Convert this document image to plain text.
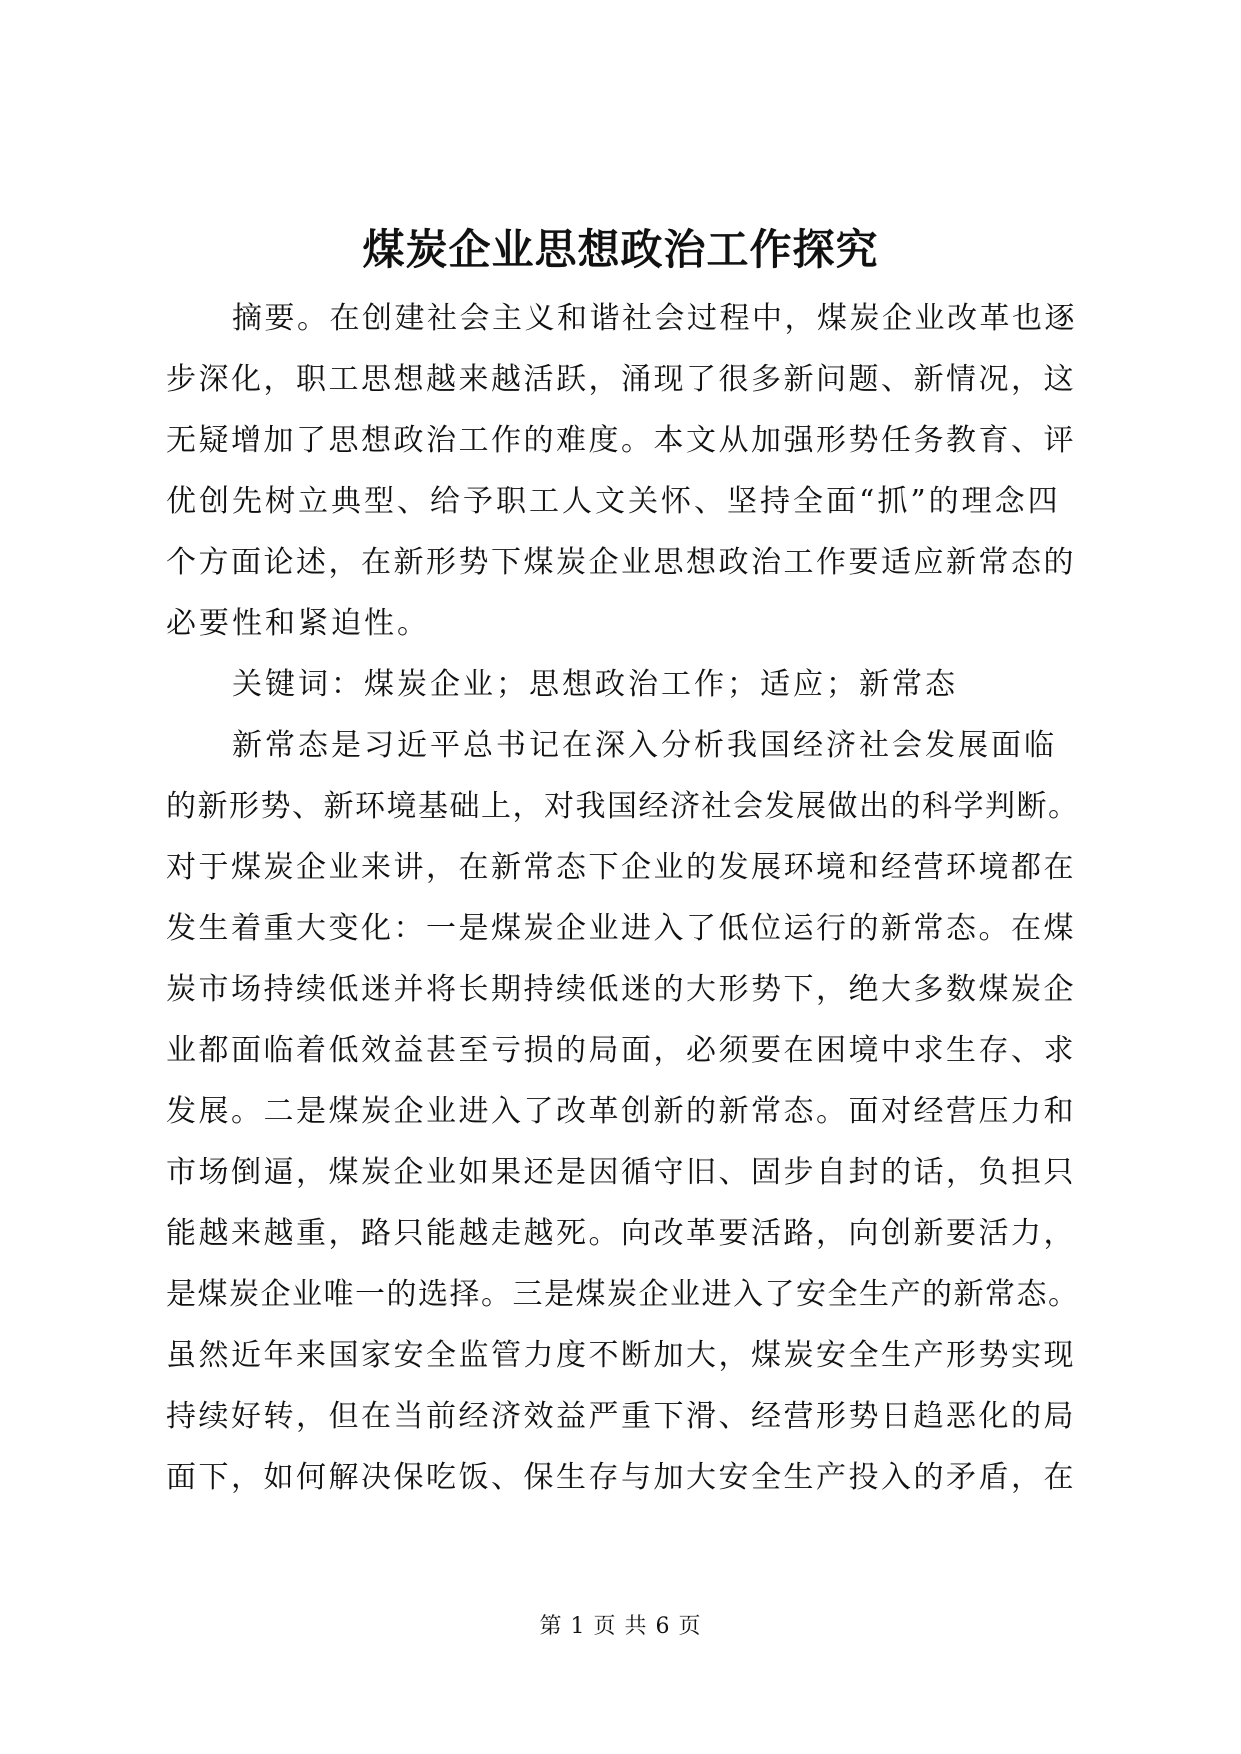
煤炭企业思想政治工作探究
摘要。在创建社会主义和谐社会过程中，煤炭企业改革也逐
步深化，职工思想越来越活跃，涌现了很多新问题、新情况，这
无疑增加了思想政治工作的难度。本文从加强形势任务教育、评
优创先树立典型、给予职工人文关怀、坚持全面“抓”的理念四
个方面论述，在新形势下煤炭企业思想政治工作要适应新常态的
必要性和紧迫性。
关键词：煤炭企业；思想政治工作；适应；新常态
新常态是习近平总书记在深入分析我国经济社会发展面临
的新形势、新环境基础上，对我国经济社会发展做出的科学判断。
对于煤炭企业来讲，在新常态下企业的发展环境和经营环境都在
发生着重大变化：一是煤炭企业进入了低位运行的新常态。在煤
炭市场持续低迷并将长期持续低迷的大形势下，绝大多数煤炭企
业都面临着低效益甚至亏损的局面，必须要在困境中求生存、求
发展。二是煤炭企业进入了改革创新的新常态。面对经营压力和
市场倒逼，煤炭企业如果还是因循守旧、固步自封的话，负担只
能越来越重，路只能越走越死。向改革要活路，向创新要活力，
是煤炭企业唯一的选择。三是煤炭企业进入了安全生产的新常态。
虽然近年来国家安全监管力度不断加大，煤炭安全生产形势实现
持续好转，但在当前经济效益严重下滑、经营形势日趋恶化的局
面下，如何解决保吃饭、保生存与加大安全生产投入的矛盾，在
第 1 页 共 6 页
